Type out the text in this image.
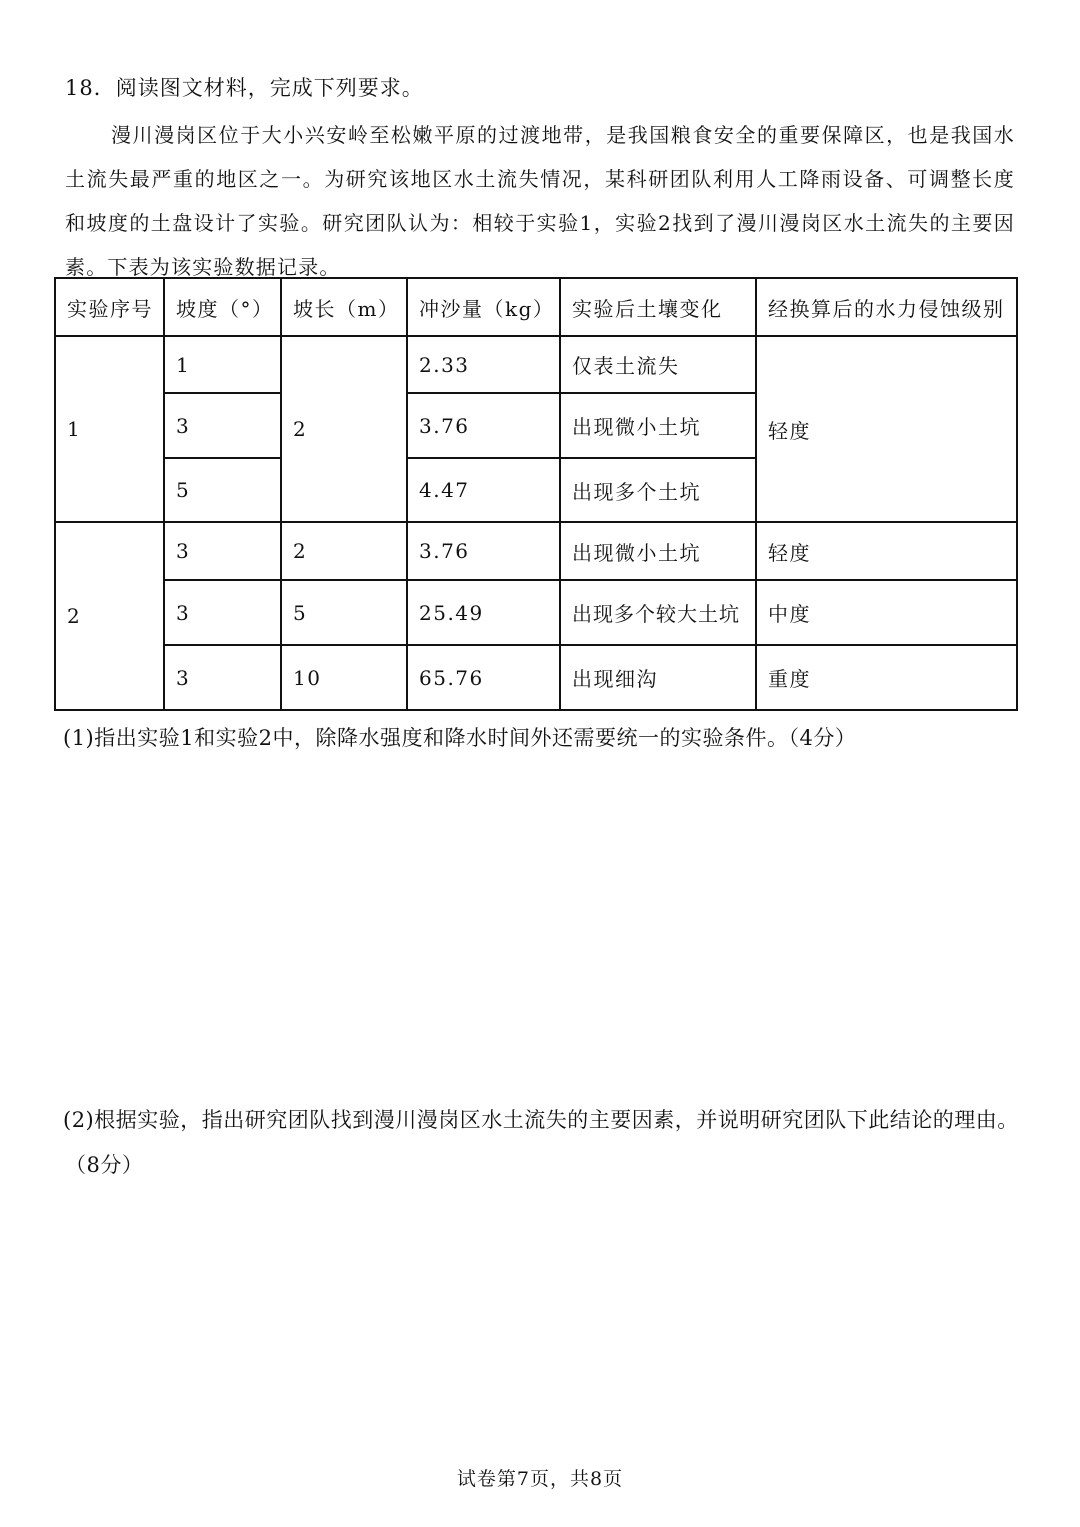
18．阅读图文材料，完成下列要求。
漫川漫岗区位于大小兴安岭至松嫩平原的过渡地带，是我国粮食安全的重要保障区，也是我国水土流失最严重的地区之一。为研究该地区水土流失情况，某科研团队利用人工降雨设备、可调整长度和坡度的土盘设计了实验。研究团队认为：相较于实验1，实验2找到了漫川漫岗区水土流失的主要因素。下表为该实验数据记录。
实验序号	坡度（°）	坡长（m）	冲沙量（kg）	实验后土壤变化	经换算后的水力侵蚀级别
1	1	2	2.33	仅表土流失	轻度
	3		3.76	出现微小土坑	
	5		4.47	出现多个土坑	
2	3	2	3.76	出现微小土坑	轻度
	3	5	25.49	出现多个较大土坑	中度
	3	10	65.76	出现细沟	重度
(1)指出实验1和实验2中，除降水强度和降水时间外还需要统一的实验条件。（4分）
(2)根据实验，指出研究团队找到漫川漫岗区水土流失的主要因素，并说明研究团队下此结论的理由。
（8分）
试卷第7页，共8页
